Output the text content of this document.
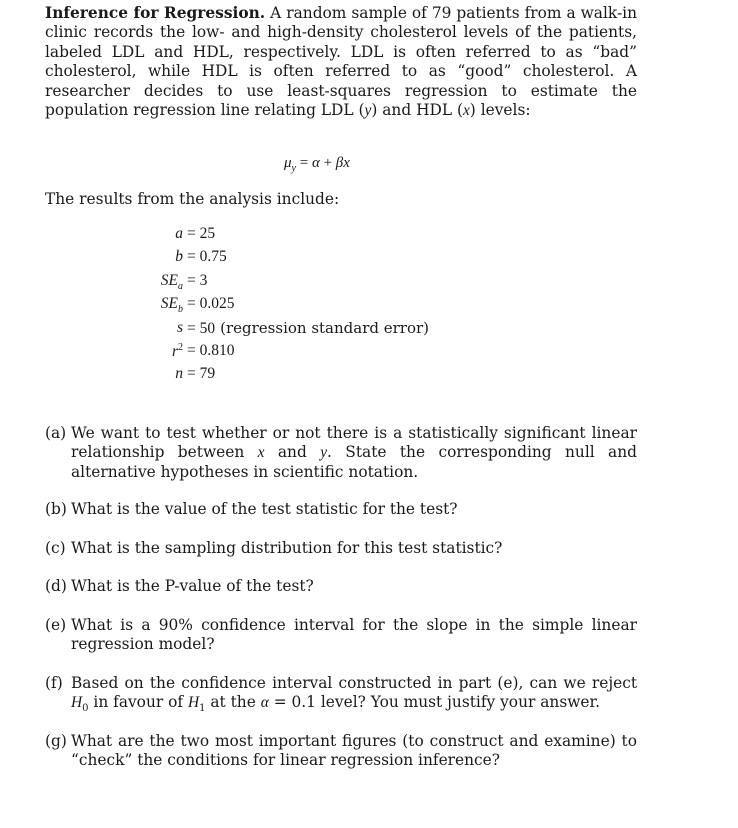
Inference for Regression. A random sample of 79 patients from a walk-in clinic records the low- and high-density cholesterol levels of the patients, labeled LDL and HDL, respectively. LDL is often referred to as “bad” cholesterol, while HDL is often referred to as “good” cholesterol. A researcher decides to use least-squares regression to estimate the population regression line relating LDL (y) and HDL (x) levels:

$\mu_y = \alpha + \beta x$

The results from the analysis include:

a = 25
b = 0.75
$SE_a = 3$
$SE_b = 0.025$
s = 50 (regression standard error)
$r^2 = 0.810$
n = 79
(a) We want to test whether or not there is a statistically significant linear relationship between x and y. State the corresponding null and alternative hypotheses in scientific notation.
(b) What is the value of the test statistic for the test?
(c) What is the sampling distribution for this test statistic?
(d) What is the P-value of the test?
(e) What is a 90% confidence interval for the slope in the simple linear regression model?
(f) Based on the confidence interval constructed in part (e), can we reject $H_0$ in favour of $H_1$ at the α = 0.1 level? You must justify your answer.
(g) What are the two most important figures (to construct and examine) to “check” the conditions for linear regression inference?
